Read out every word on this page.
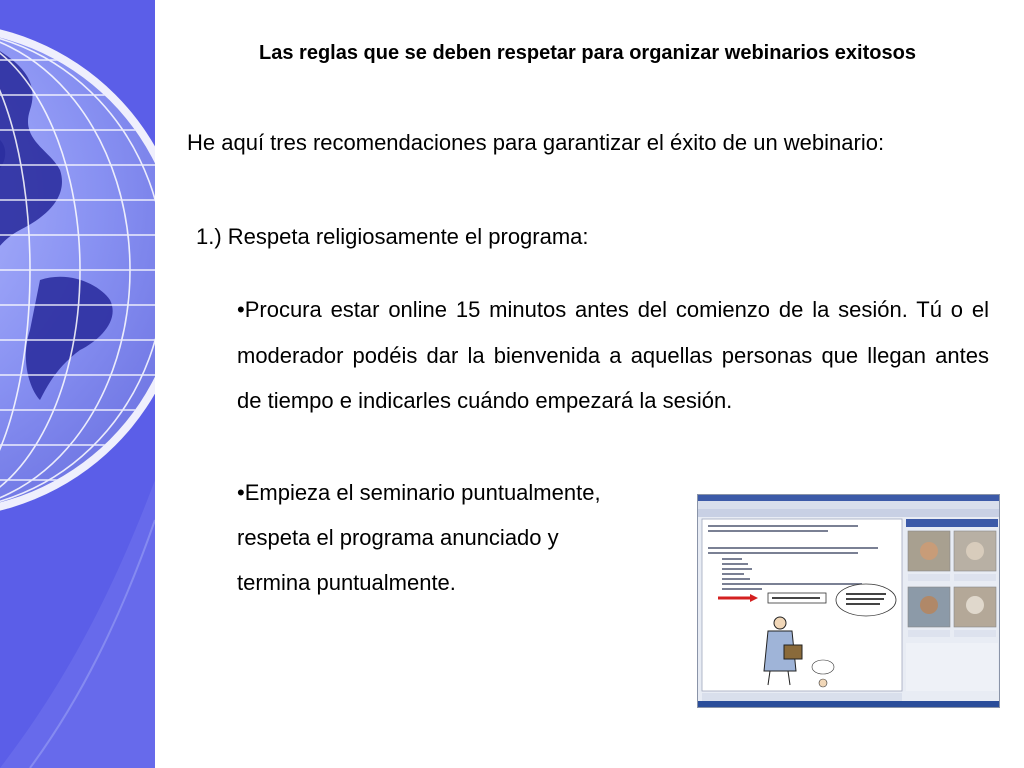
Las reglas que se deben respetar para organizar webinarios exitosos
He aquí tres recomendaciones para garantizar el éxito de un webinario:
1.) Respeta religiosamente el programa:
•Procura estar online 15 minutos antes del comienzo de la sesión. Tú o el moderador podéis dar la bienvenida a aquellas personas que llegan antes de tiempo e indicarles cuándo empezará la sesión.
•Empieza el seminario puntualmente,
respeta el programa anunciado y
termina puntualmente.
